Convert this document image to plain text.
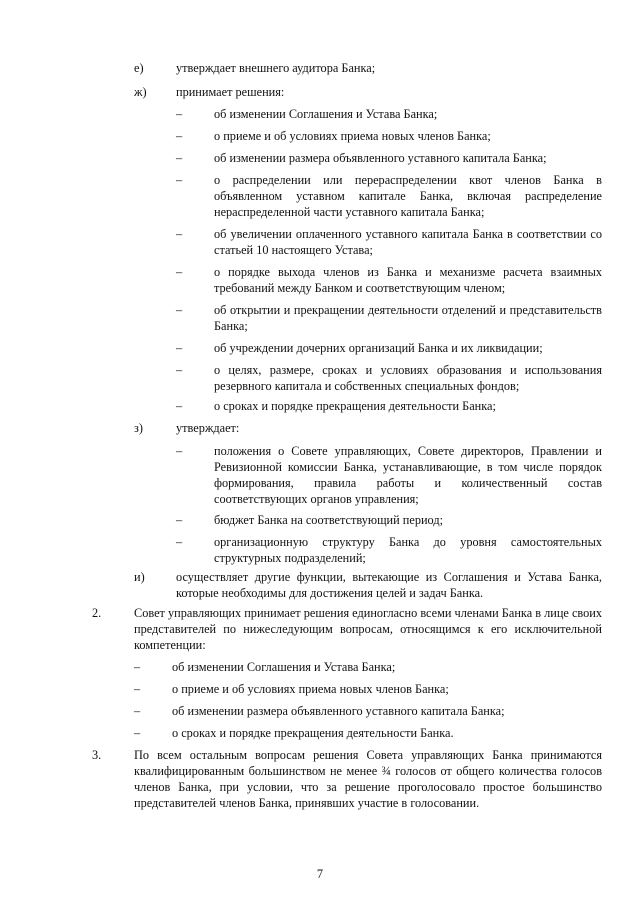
е)	утверждает внешнего аудитора Банка;
ж) принимает решения:
–	об изменении Соглашения и Устава Банка;
–	о приеме и об условиях приема новых членов Банка;
–	об изменении размера объявленного уставного капитала Банка;
–	о распределении или перераспределении квот членов Банка в объявленном уставном капитале Банка, включая распределение нераспределенной части уставного капитала Банка;
–	об увеличении оплаченного уставного капитала Банка в соответствии со статьей 10 настоящего Устава;
–	о порядке выхода членов из Банка и механизме расчета взаимных требований между Банком и соответствующим членом;
–	об открытии и прекращении деятельности отделений и представительств Банка;
–	об учреждении дочерних организаций Банка и их ликвидации;
–	о целях, размере, сроках и условиях образования и использования резервного капитала и собственных специальных фондов;
–	о сроках и порядке прекращения деятельности Банка;
з)	утверждает:
–	положения о Совете управляющих, Совете директоров, Правлении и Ревизионной комиссии Банка, устанавливающие, в том числе порядок формирования, правила работы и количественный состав соответствующих органов управления;
–	бюджет Банка на соответствующий период;
–	организационную структуру Банка до уровня самостоятельных структурных подразделений;
и)	осуществляет другие функции, вытекающие из Соглашения и Устава Банка, которые необходимы для достижения целей и задач Банка.
2.	Совет управляющих принимает решения единогласно всеми членами Банка в лице своих представителей по нижеследующим вопросам, относящимся к его исключительной компетенции:
–	об изменении Соглашения и Устава Банка;
–	о приеме и об условиях приема новых членов Банка;
–	об изменении размера объявленного уставного капитала Банка;
–	о сроках и порядке прекращения деятельности Банка.
3.	По всем остальным вопросам решения Совета управляющих Банка принимаются квалифицированным большинством не менее ¾ голосов от общего количества голосов членов Банка, при условии, что за решение проголосовало простое большинство представителей членов Банка, принявших участие в голосовании.
7
